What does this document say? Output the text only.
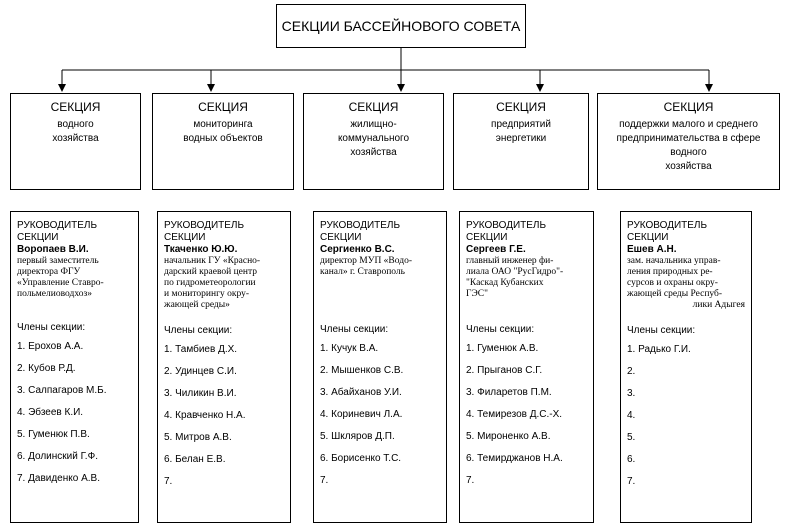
СЕКЦИИ БАССЕЙНОВОГО СОВЕТА
СЕКЦИЯ
водного
хозяйства
СЕКЦИЯ
мониторинга
водных объектов
СЕКЦИЯ
жилищно-
коммунального
хозяйства
СЕКЦИЯ
предприятий
энергетики
СЕКЦИЯ
поддержки малого и среднего
предпринимательства в сфере
водного
хозяйства
РУКОВОДИТЕЛЬ
СЕКЦИИ
Воропаев В.И.
первый заместитель
директора ФГУ
«Управление Ставро-
польмелиоводхоз»
Члены секции:
1. Ерохов А.А.
2. Кубов Р.Д.
3. Салпагаров М.Б.
4. Эбзеев К.И.
5. Гуменюк П.В.
6. Долинский Г.Ф.
7. Давиденко А.В.
РУКОВОДИТЕЛЬ
СЕКЦИИ
Ткаченко Ю.Ю.
начальник ГУ «Красно-
дарский краевой центр
по гидрометеорологии
и мониторингу окру-
жающей среды»
Члены секции:
1. Тамбиев Д.Х.
2. Удинцев С.И.
3. Чиликин В.И.
4. Кравченко Н.А.
5. Митров А.В.
6. Белан Е.В.
7.
РУКОВОДИТЕЛЬ
СЕКЦИИ
Сергиенко В.С.
директор МУП «Водо-
канал» г. Ставрополь
Члены секции:
1. Кучук В.А.
2. Мышенков С.В.
3. Абайханов У.И.
4. Кориневич Л.А.
5. Шкляров Д.П.
6. Борисенко Т.С.
7.
РУКОВОДИТЕЛЬ
СЕКЦИИ
Сергеев Г.Е.
главный инженер фи-
лиала ОАО "РусГидро"-
"Каскад Кубанских
ГЭС"
Члены секции:
1. Гуменюк А.В.
2. Прыганов С.Г.
3. Филаретов П.М.
4. Темирезов Д.С.-Х.
5. Мироненко А.В.
6. Темирджанов Н.А.
7.
РУКОВОДИТЕЛЬ
СЕКЦИИ
Ешев А.Н.
зам. начальника управ-
ления природных ре-
сурсов и охраны окру-
жающей среды Респуб-
лики Адыгея
Члены секции:
1. Радько Г.И.
2.
3.
4.
5.
6.
7.
